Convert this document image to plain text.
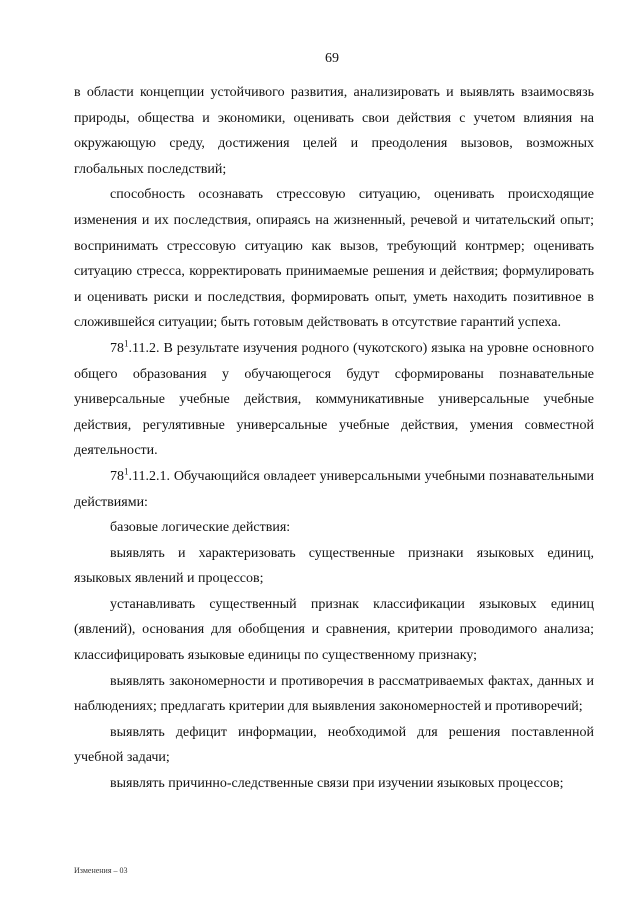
69

в области концепции устойчивого развития, анализировать и выявлять взаимосвязь природы, общества и экономики, оценивать свои действия с учетом влияния на окружающую среду, достижения целей и преодоления вызовов, возможных глобальных последствий;

способность осознавать стрессовую ситуацию, оценивать происходящие изменения и их последствия, опираясь на жизненный, речевой и читательский опыт; воспринимать стрессовую ситуацию как вызов, требующий контрмер; оценивать ситуацию стресса, корректировать принимаемые решения и действия; формулировать и оценивать риски и последствия, формировать опыт, уметь находить позитивное в сложившейся ситуации; быть готовым действовать в отсутствие гарантий успеха.

$78^1.11.2$. В результате изучения родного (чукотского) языка на уровне основного общего образования у обучающегося будут сформированы познавательные универсальные учебные действия, коммуникативные универсальные учебные действия, регулятивные универсальные учебные действия, умения совместной деятельности.

$78^1.11.2.1$. Обучающийся овладеет универсальными учебными познавательными действиями:

базовые логические действия:

выявлять и характеризовать существенные признаки языковых единиц, языковых явлений и процессов;

устанавливать существенный признак классификации языковых единиц (явлений), основания для обобщения и сравнения, критерии проводимого анализа; классифицировать языковые единицы по существенному признаку;

выявлять закономерности и противоречия в рассматриваемых фактах, данных и наблюдениях; предлагать критерии для выявления закономерностей и противоречий;

выявлять дефицит информации, необходимой для решения поставленной учебной задачи;

выявлять причинно-следственные связи при изучении языковых процессов;

Изменения – 03
